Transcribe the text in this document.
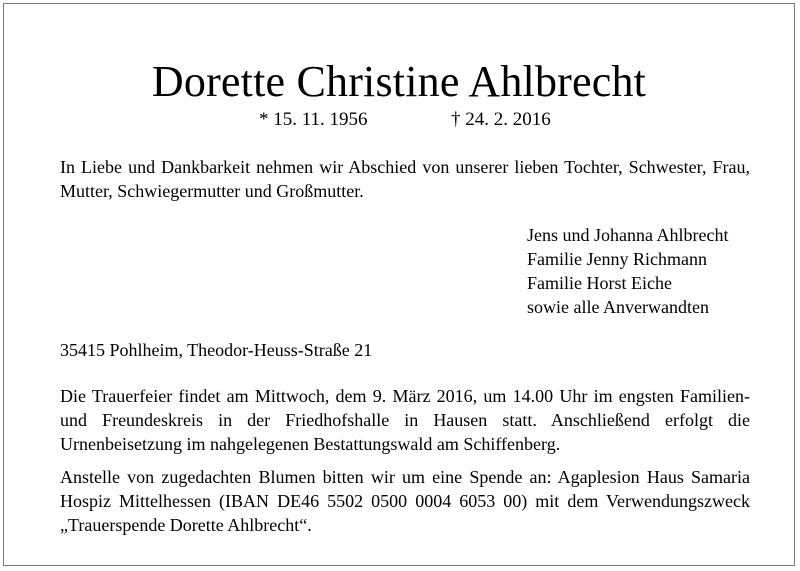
Dorette Christine Ahlbrecht
* 15. 11. 1956	† 24. 2. 2016
In Liebe und Dankbarkeit nehmen wir Abschied von unserer lieben Tochter, Schwester, Frau, Mutter, Schwiegermutter und Großmutter.
Jens und Johanna Ahlbrecht
Familie Jenny Richmann
Familie Horst Eiche
sowie alle Anverwandten
35415 Pohlheim, Theodor-Heuss-Straße 21
Die Trauerfeier findet am Mittwoch, dem 9. März 2016, um 14.00 Uhr im engsten Familien- und Freundeskreis in der Friedhofshalle in Hausen statt. Anschließend erfolgt die Urnenbeisetzung im nahgelegenen Bestattungswald am Schiffenberg.
Anstelle von zugedachten Blumen bitten wir um eine Spende an: Agaplesion Haus Samaria Hospiz Mittelhessen (IBAN DE46 5502 0500 0004 6053 00) mit dem Verwendungszweck „Trauerspende Dorette Ahlbrecht“.
